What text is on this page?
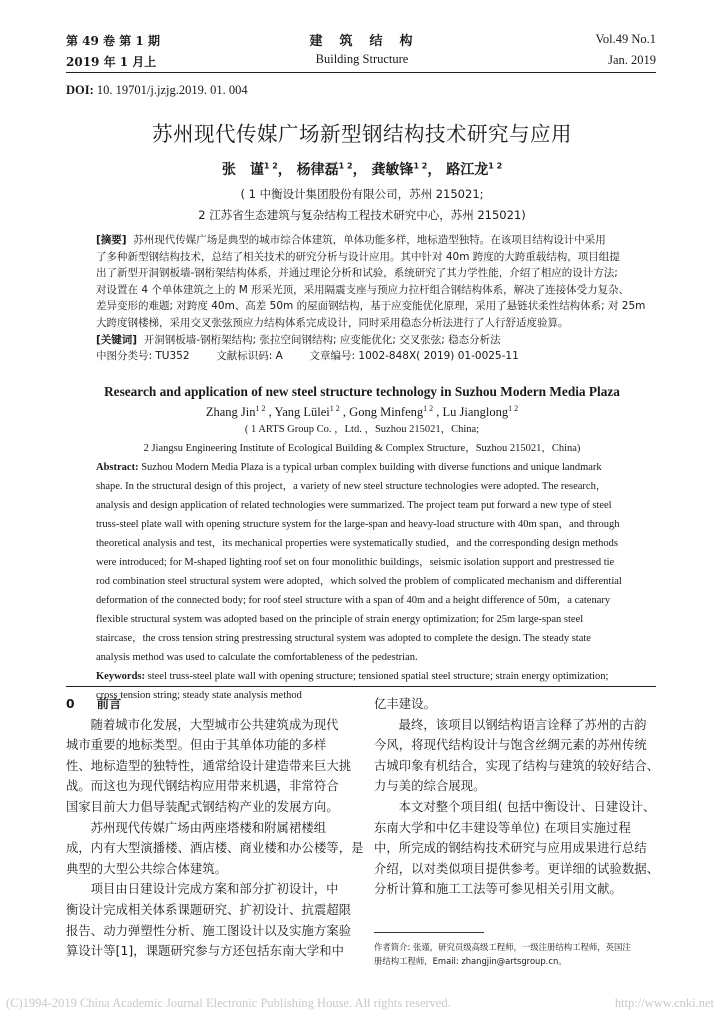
第 49 卷 第 1 期
2019 年 1 月上
建　筑　结　构
Building Structure
Vol.49 No.1
Jan. 2019
DOI: 10. 19701/j.jzjg.2019. 01. 004
苏州现代传媒广场新型钢结构技术研究与应用
张　谨$^{1 2}$， 杨律磊$^{1 2}$， 龚敏锋$^{1 2}$， 路江龙$^{1 2}$
( 1 中衡设计集团股份有限公司，苏州 215021;
2 江苏省生态建筑与复杂结构工程技术研究中心，苏州 215021)
[摘要] 苏州现代传媒广场是典型的城市综合体建筑，单体功能多样，地标造型独特。在该项目结构设计中采用
了多种新型钢结构技术，总结了相关技术的研究分析与设计应用。其中针对 40m 跨度的大跨重载结构，项目组提
出了新型开洞钢板墙-钢桁架结构体系，并通过理论分析和试验，系统研究了其力学性能，介绍了相应的设计方法;
对设置在 4 个单体建筑之上的 M 形采光顶，采用隔震支座与预应力拉杆组合钢结构体系，解决了连接体受力复杂、
差异变形的难题; 对跨度 40m、高差 50m 的屋面钢结构，基于应变能优化原理，采用了悬链状柔性结构体系; 对 25m
大跨度钢楼梯，采用交叉张弦预应力结构体系完成设计，同时采用稳态分析法进行了人行舒适度验算。
[关键词] 开洞钢板墙-钢桁架结构; 张拉空间钢结构; 应变能优化; 交叉张弦; 稳态分析法
中图分类号: TU352	文献标识码: A	文章编号: 1002-848X( 2019) 01-0025-11
Research and application of new steel structure technology in Suzhou Modern Media Plaza
Zhang Jin$^{1 2}$ , Yang Lülei$^{1 2}$ , Gong Minfeng$^{1 2}$ , Lu Jianglong$^{1 2}$
( 1 ARTS Group Co. ，Ltd. ，Suzhou 215021，China;
2 Jiangsu Engineering Institute of Ecological Building & Complex Structure，Suzhou 215021，China)
Abstract: Suzhou Modern Media Plaza is a typical urban complex building with diverse functions and unique landmark
shape. In the structural design of this project，a variety of new steel structure technologies were adopted. The research，
analysis and design application of related technologies were summarized. The project team put forward a new type of steel
truss-steel plate wall with opening structure system for the large-span and heavy-load structure with 40m span，and through
theoretical analysis and test，its mechanical properties were systematically studied，and the corresponding design methods
were introduced; for M-shaped lighting roof set on four monolithic buildings，seismic isolation support and prestressed tie
rod combination steel structural system were adopted，which solved the problem of complicated mechanism and differential
deformation of the connected body; for roof steel structure with a span of 40m and a height difference of 50m，a catenary
flexible structural system was adopted based on the principle of strain energy optimization; for 25m large-span steel
staircase，the cross tension string prestressing structural system was adopted to complete the design. The steady state
analysis method was used to calculate the comfortableness of the pedestrian.
Keywords: steel truss-steel plate wall with opening structure; tensioned spatial steel structure; strain energy optimization;
cross tension string; steady state analysis method

0 前言

随着城市化发展，大型城市公共建筑成为现代

城市重要的地标类型。但由于其单体功能的多样

性、地标造型的独特性，通常给设计建造带来巨大挑

战。而这也为现代钢结构应用带来机遇，非常符合

国家目前大力倡导装配式钢结构产业的发展方向。

苏州现代传媒广场由两座塔楼和附属裙楼组

成，内有大型演播楼、酒店楼、商业楼和办公楼等，是

典型的大型公共综合体建筑。

项目由日建设计完成方案和部分扩初设计，中

衡设计完成相关体系课题研究、扩初设计、抗震超限

报告、动力弹塑性分析、施工图设计以及实施方案验

算设计等[1]，课题研究参与方还包括东南大学和中

亿丰建设。

最终，该项目以钢结构语言诠释了苏州的古韵

今风，将现代结构设计与饱含丝绸元素的苏州传统

古城印象有机结合，实现了结构与建筑的较好结合、

力与美的综合展现。

本文对整个项目组( 包括中衡设计、日建设计、

东南大学和中亿丰建设等单位) 在项目实施过程

中，所完成的钢结构技术研究与应用成果进行总结

介绍，以对类似项目提供参考。更详细的试验数据、

分析计算和施工工法等可参见相关引用文献。

作者简介: 张谨，研究员级高级工程师，一级注册结构工程师，英国注
册结构工程师，Email: zhangjin@artsgroup.cn。
(C)1994-2019 China Academic Journal Electronic Publishing House. All rights reserved.	http://www.cnki.net
